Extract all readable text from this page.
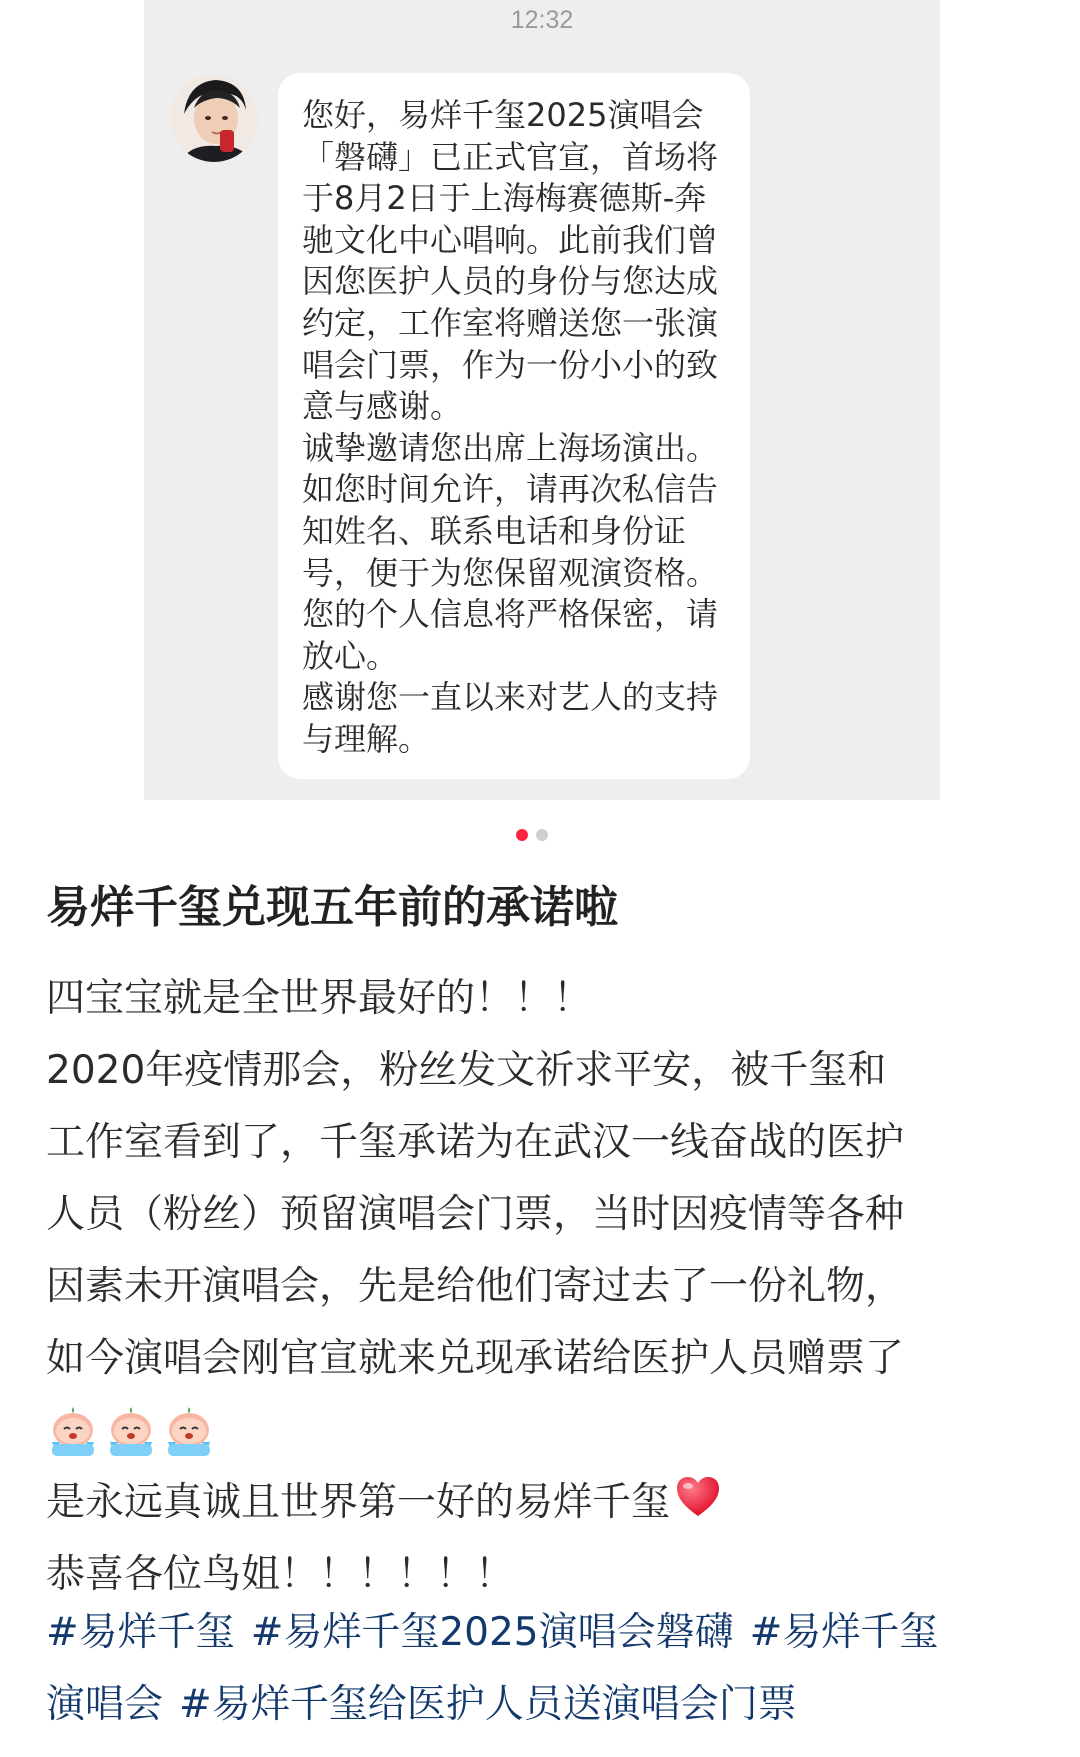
12:32
您好，易烊千玺2025演唱会
「磐礴」已正式官宣，首场将
于8月2日于上海梅赛德斯-奔
驰文化中心唱响。此前我们曾
因您医护人员的身份与您达成
约定，工作室将赠送您一张演
唱会门票，作为一份小小的致
意与感谢。
诚挚邀请您出席上海场演出。
如您时间允许，请再次私信告
知姓名、联系电话和身份证
号，便于为您保留观演资格。
您的个人信息将严格保密，请
放心。
感谢您一直以来对艺人的支持
与理解。
易烊千玺兑现五年前的承诺啦
四宝宝就是全世界最好的！！！
2020年疫情那会，粉丝发文祈求平安，被千玺和
工作室看到了，千玺承诺为在武汉一线奋战的医护
人员（粉丝）预留演唱会门票，当时因疫情等各种
因素未开演唱会，先是给他们寄过去了一份礼物，
如今演唱会刚官宣就来兑现承诺给医护人员赠票了
是永远真诚且世界第一好的易烊千玺
恭喜各位鸟姐！！！！！！
#易烊千玺 #易烊千玺2025演唱会磐礴 #易烊千玺
演唱会 #易烊千玺给医护人员送演唱会门票
